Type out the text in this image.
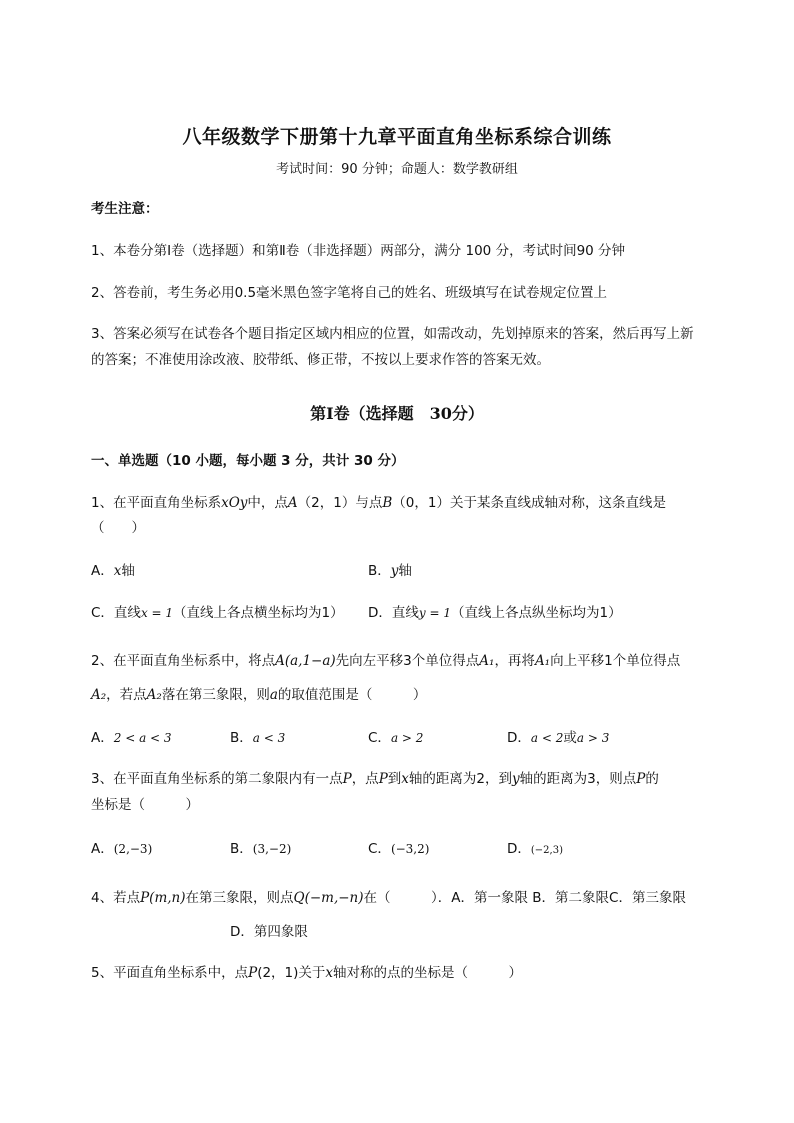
八年级数学下册第十九章平面直角坐标系综合训练
考试时间：90 分钟；命题人：数学教研组
考生注意：
1、本卷分第Ⅰ卷（选择题）和第Ⅱ卷（非选择题）两部分，满分 100 分，考试时间90 分钟
2、答卷前，考生务必用0.5毫米黑色签字笔将自己的姓名、班级填写在试卷规定位置上
3、答案必须写在试卷各个题目指定区域内相应的位置，如需改动，先划掉原来的答案，然后再写上新
的答案；不准使用涂改液、胶带纸、修正带，不按以上要求作答的答案无效。
第Ⅰ卷（选择题　30分）
一、单选题（10 小题，每小题 3 分，共计 30 分）
1、在平面直角坐标系xOy中，点A（2，1）与点B（0，1）关于某条直线成轴对称，这条直线是
（　　）
A．x轴	B．y轴
C．直线x = 1（直线上各点横坐标均为1） D．直线y = 1（直线上各点纵坐标均为1）
2、在平面直角坐标系中，将点A(a,1−a)先向左平移3个单位得点A₁，再将A₁向上平移1个单位得点
A₂，若点A₂落在第三象限，则a的取值范围是（　　　）
A．2 < a < 3	B．a < 3	C．a > 2	D．a < 2或a > 3
3、在平面直角坐标系的第二象限内有一点P，点P到x轴的距离为2，到y轴的距离为3，则点P的
坐标是（　　　）
A．(2,−3)	B．(3,−2)	C．(−3,2)	D．(−2,3)
4、若点P(m,n)在第三象限，则点Q(−m,−n)在（　　　）．A．第一象限 B．第二象限C．第三象限
D．第四象限
5、平面直角坐标系中，点P(2，1)关于x轴对称的点的坐标是（　　　）
